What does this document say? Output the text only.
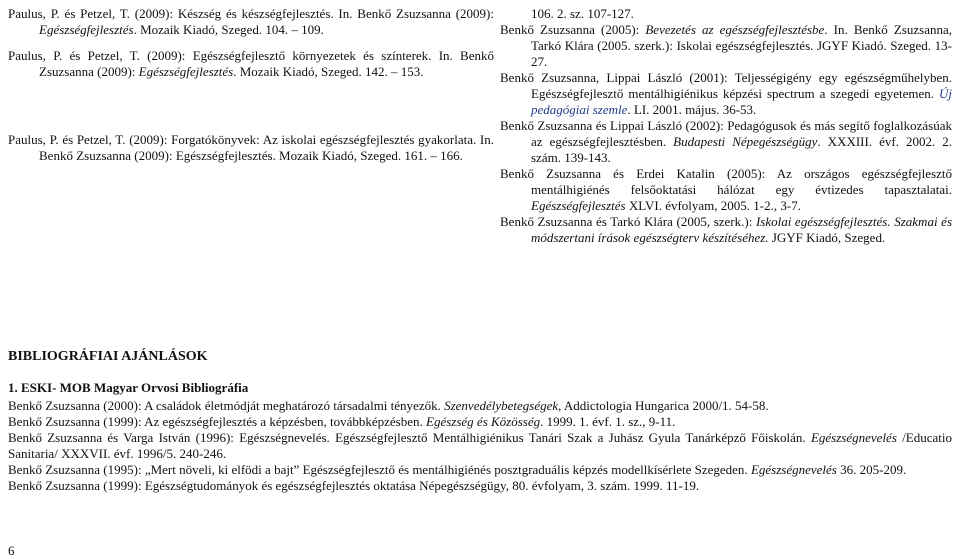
Paulus, P. és Petzel, T. (2009): Készség és készségfejlesztés. In. Benkő Zsuzsanna (2009): Egészségfejlesztés. Mozaik Kiadó, Szeged. 104. – 109.

Paulus, P. és Petzel, T. (2009): Egészségfejlesztő környezetek és színterek. In. Benkő Zsuzsanna (2009): Egészségfejlesztés. Mozaik Kiadó, Szeged. 142. – 153.

Paulus, P. és Petzel, T. (2009): Forgatókönyvek: Az iskolai egészségfejlesztés gyakorlata. In. Benkő Zsuzsanna (2009): Egészségfejlesztés. Mozaik Kiadó, Szeged. 161. – 166.

106. 2. sz. 107-127.

Benkő Zsuzsanna (2005): Bevezetés az egészségfejlesztésbe. In. Benkő Zsuzsanna, Tarkó Klára (2005. szerk.): Iskolai egészségfejlesztés. JGYF Kiadó. Szeged. 13-27.

Benkő Zsuzsanna, Lippai László (2001): Teljességigény egy egészségműhelyben. Egészségfejlesztő mentálhigiénikus képzési spectrum a szegedi egyetemen. Új pedagógiai szemle. LI. 2001. május. 36-53.

Benkő Zsuzsanna és Lippai László (2002): Pedagógusok és más segítő foglalkozásúak az egészségfejlesztésben. Budapesti Népegészségügy. XXXIII. évf. 2002. 2. szám. 139-143.

Benkő Zsuzsanna és Erdei Katalin (2005): Az országos egészségfejlesztő mentálhigiénés felsőoktatási hálózat egy évtizedes tapasztalatai. Egészségfejlesztés XLVI. évfolyam, 2005. 1-2., 3-7.

Benkő Zsuzsanna és Tarkó Klára (2005, szerk.): Iskolai egészségfejlesztés. Szakmai és módszertani írások egészségterv készítéséhez. JGYF Kiadó, Szeged.

BIBLIOGRÁFIAI AJÁNLÁSOK

1. ESKI- MOB Magyar Orvosi Bibliográfia

Benkő Zsuzsanna (2000): A családok életmódját meghatározó társadalmi tényezők. Szenvedélybetegségek, Addictologia Hungarica 2000/1. 54-58.

Benkő Zsuzsanna (1999): Az egészségfejlesztés a képzésben, továbbképzésben. Egészség és Közösség. 1999. 1. évf. 1. sz., 9-11.

Benkő Zsuzsanna és Varga István (1996): Egészségnevelés. Egészségfejlesztő Mentálhigiénikus Tanári Szak a Juhász Gyula Tanárképző Főiskolán. Egészségnevelés /Educatio Sanitaria/ XXXVII. évf. 1996/5. 240-246.

Benkő Zsuzsanna (1995): „Mert növeli, ki elfödi a bajt” Egészségfejlesztő és mentálhigiénés posztgraduális képzés modellkísérlete Szegeden. Egészségnevelés 36. 205-209.

Benkő Zsuzsanna (1999): Egészségtudományok és egészségfejlesztés oktatása Népegészségügy, 80. évfolyam, 3. szám. 1999. 11-19.

6
